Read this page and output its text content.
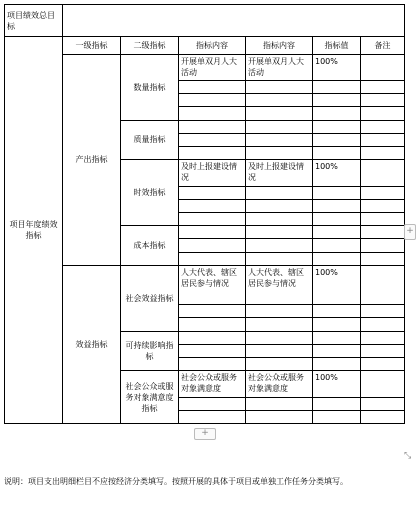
项目绩效总目标						
项目年度绩效指标	一级指标	二级指标	指标内容	指标内容	指标值	备注
	产出指标	数量指标	开展单双月人大活动	开展单双月人大活动	100%	

		质量指标				

		时效指标	及时上报建设情况	及时上报建设情况	100%	

		成本指标				

	效益指标	社会效益指标	人大代表、辖区居民参与情况	人大代表、辖区居民参与情况	100%	

		可持续影响指标				

		社会公众或服务对象满意度指标	社会公众或服务对象满意度	社会公众或服务对象满意度	100%	

+
+
⤡
说明：项目支出明细栏目不应按经济分类填写。按照开展的具体于项目或单独工作任务分类填写。
